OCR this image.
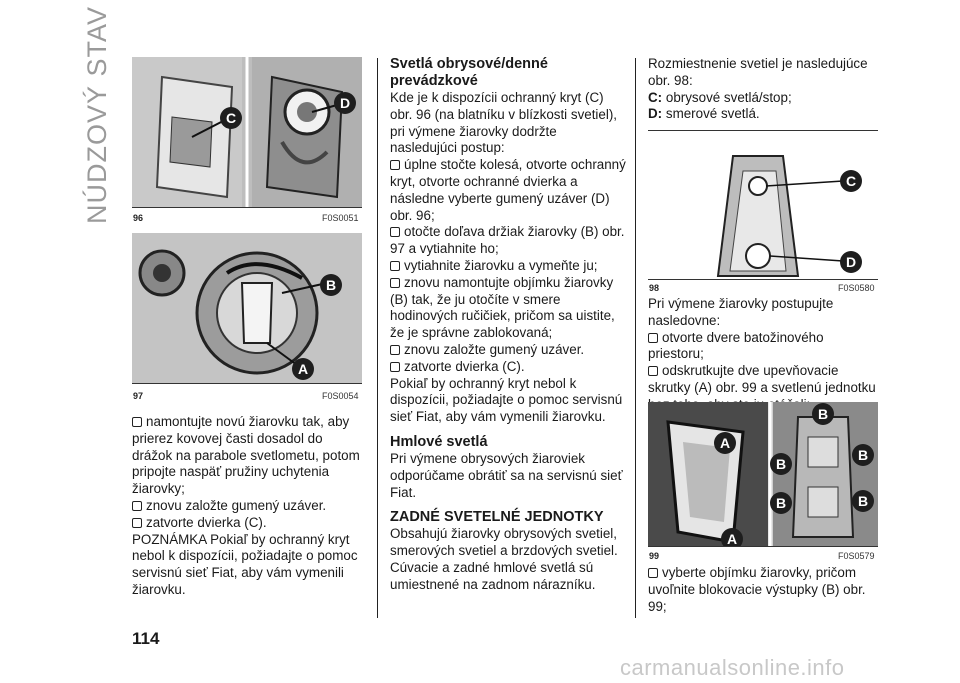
NÚDZOVÝ STAV	C
D
96	F0S0051
B
A
97	F0S0054

namontujte novú žiarovku tak, aby prierez kovovej časti dosadol do drážok na parabole svetlometu, potom pripojte naspäť pružiny uchytenia žiarovky;

znovu založte gumený uzáver.

zatvorte dvierka (C).

POZNÁMKA Pokiaľ by ochranný kryt nebol k dispozícii, požiadajte o pomoc servisnú sieť Fiat, aby vám vymenili žiarovku.

Svetlá obrysové/denné prevádzkové

Kde je k dispozícii ochranný kryt (C) obr. 96 (na blatníku v blízkosti svetiel), pri výmene žiarovky dodržte nasledujúci postup:

úplne stočte kolesá, otvorte ochranný kryt, otvorte ochranné dvierka a následne vyberte gumený uzáver (D) obr. 96;

otočte doľava držiak žiarovky (B) obr. 97 a vytiahnite ho;

vytiahnite žiarovku a vymeňte ju;

znovu namontujte objímku žiarovky (B) tak, že ju otočíte v smere hodinových ručičiek, pričom sa uistite, že je správne zablokovaná;

znovu založte gumený uzáver.

zatvorte dvierka (C).

Pokiaľ by ochranný kryt nebol k dispozícii, požiadajte o pomoc servisnú sieť Fiat, aby vám vymenili žiarovku.

Hmlové svetlá

Pri výmene obrysových žiaroviek odporúčame obrátiť sa na servisnú sieť Fiat.

ZADNÉ SVETELNÉ JEDNOTKY

Obsahujú žiarovky obrysových svetiel, smerových svetiel a brzdových svetiel. Cúvacie a zadné hmlové svetlá sú umiestnené na zadnom nárazníku.

Rozmiestnenie svetiel je nasledujúce obr. 98:

C: obrysové svetlá/stop;

D: smerové svetlá.

C
D
98	F0S0580

Pri výmene žiarovky postupujte nasledovne:

otvorte dvere batožinového priestoru;

odskrutkujte dve upevňovacie skrutky (A) obr. 99 a svetlenú jednotku

A
B
B
B
B
A
B
99	F0S0579

vyberte objímku žiarovky, pričom uvoľnite blokovacie výstupky (B) obr. 99;

114
carmanualsonline.info
